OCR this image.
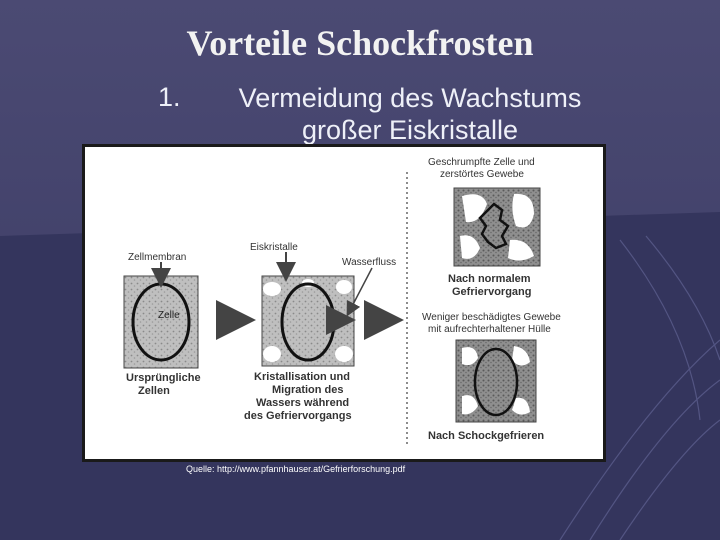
Vorteile Schockfrosten
1.	Vermeidung des Wachstums großer Eiskristalle
Zellmembran
Zelle
Ursprüngliche
Zellen
Eiskristalle
Wasserfluss
Kristallisation und
Migration des
Wassers während
des Gefriervorgangs
Geschrumpfte Zelle und
zerstörtes Gewebe
Nach normalem
Gefriervorgang
Weniger beschädigtes Gewebe
mit aufrechterhaltener Hülle
Nach Schockgefrieren
Quelle: http://www.pfannhauser.at/Gefrierforschung.pdf
